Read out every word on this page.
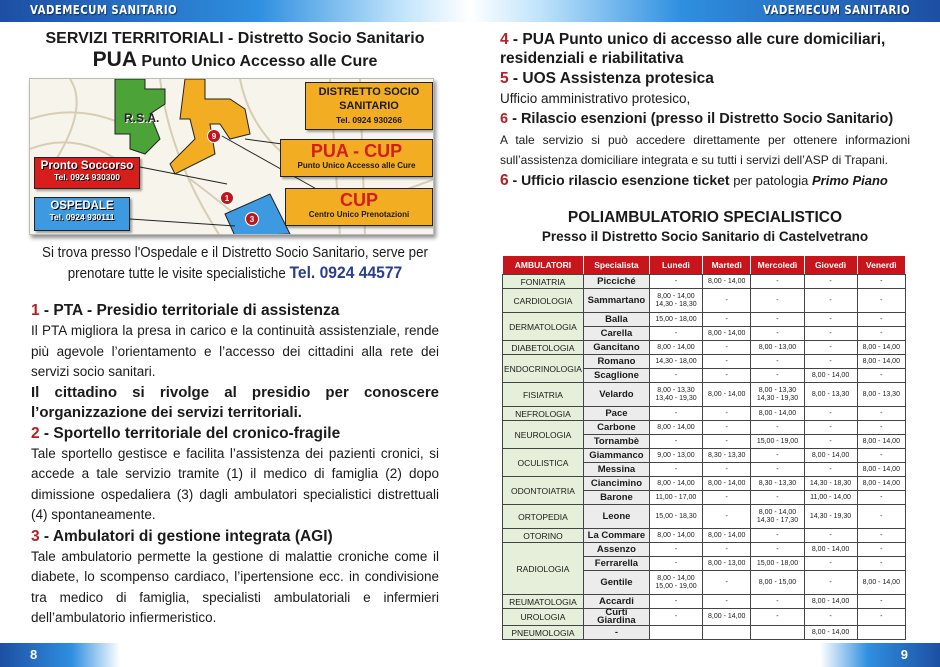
VADEMECUM SANITARIO
SERVIZI TERRITORIALI - Distretto Socio Sanitario
PUA Punto Unico Accesso alle Cure
R.S.A.
DISTRETTO SOCIO
SANITARIO
Tel. 0924 930266
PUA - CUP
Punto Unico Accesso alle Cure
Pronto Soccorso
Tel. 0924 930300
CUP
Centro Unico Prenotazioni
OSPEDALE
Tel. 0924 930111
9
1
3
Si trova presso l'Ospedale e il Distretto Socio Sanitario, serve per prenotare tutte le visite specialistiche Tel. 0924 44577
1 - PTA - Presidio territoriale di assistenza
Il PTA migliora la presa in carico e la continuità assistenziale, rende più agevole l’orientamento e l’accesso dei cittadini alla rete dei servizi socio sanitari.
Il cittadino si rivolge al presidio per conoscere l’organizzazione dei servizi territoriali.
2 - Sportello territoriale del cronico-fragile
Tale sportello gestisce e facilita l’assistenza dei pazienti cronici, si accede a tale servizio tramite (1) il medico di famiglia (2) dopo dimissione ospedaliera (3) dagli ambulatori specialistici distrettuali (4) spontaneamente.
3 - Ambulatori di gestione integrata (AGI)
Tale ambulatorio permette la gestione di malattie croniche come il diabete, lo scompenso cardiaco, l’ipertensione ecc. in condivisione tra medico di famiglia, specialisti ambulatoriali e infermieri dell’ambulatorio infiermeristico.
8
VADEMECUM SANITARIO
9
4 - PUA Punto unico di accesso alle cure domiciliari, residenziali e riabilitativa
5 - UOS Assistenza protesica
Ufficio amministrativo protesico,
6 - Rilascio esenzioni (presso il Distretto Socio Sanitario)
A tale servizio si può accedere direttamente per ottenere informazioni sull’assistenza domiciliare integrata e su tutti i servizi dell’ASP di Trapani.
6 - Ufficio rilascio esenzione ticket per patologia Primo Piano
POLIAMBULATORIO SPECIALISTICO
Presso il Distretto Socio Sanitario di Castelvetrano
AMBULATORI	Specialista	Lunedì	Martedì	Mercoledì	Giovedì	Venerdì
FONIATRIA	Picciché	-	8,00 - 14,00	-	-	-
CARDIOLOGIA	Sammartano	8,00 - 14,00
14,30 - 18,30	-	-	-	-
DERMATOLOGIA	Balla	15,00 - 18,00	-	-	-	-
	Carella	-	8,00 - 14,00	-	-	-
DIABETOLOGIA	Gancitano	8,00 - 14,00	-	8,00 - 13,00	-	8,00 - 14,00
ENDOCRINOLOGIA	Romano	14,30 - 18,00	-	-	-	8,00 - 14,00
	Scaglione	-	-	-	8,00 - 14,00	-
FISIATRIA	Velardo	8,00 - 13,30
13,40 - 19,30	8,00 - 14,00	8,00 - 13,30
14,30 - 19,30	8,00 - 13,30	8,00 - 13,30
NEFROLOGIA	Pace	-	-	8,00 - 14,00	-	-
NEUROLOGIA	Carbone	8,00 - 14,00	-	-	-	-
	Tornambè	-	-	15,00 - 19,00	-	8,00 - 14,00
OCULISTICA	Giammanco	9,00 - 13,00	8,30 - 13,30	-	8,00 - 14,00	-
	Messina	-	-	-	-	8,00 - 14,00
ODONTOIATRIA	Ciancimino	8,00 - 14,00	8,00 - 14,00	8,30 - 13,30	14,30 - 18,30	8,00 - 14,00
	Barone	11,00 - 17,00	-	-	11,00 - 14,00	-
ORTOPEDIA	Leone	15,00 - 18,30	-	8,00 - 14,00
14,30 - 17,30	14,30 - 19,30	-
OTORINO	La Commare	8,00 - 14,00	8,00 - 14,00	-	-	-
RADIOLOGIA	Assenzo	-	-	-	8,00 - 14,00	-
	Ferrarella	-	8,00 - 13,00	15,00 - 18,00	-	-
	Gentile	8,00 - 14,00
15,00 - 19,00	-	8,00 - 15,00	-	8,00 - 14,00
REUMATOLOGIA	Accardi	-	-	-	8,00 - 14,00	-
UROLOGIA	Curti Giardina	-	8,00 - 14,00	-	-	-
PNEUMOLOGIA	-				8,00 - 14,00	
